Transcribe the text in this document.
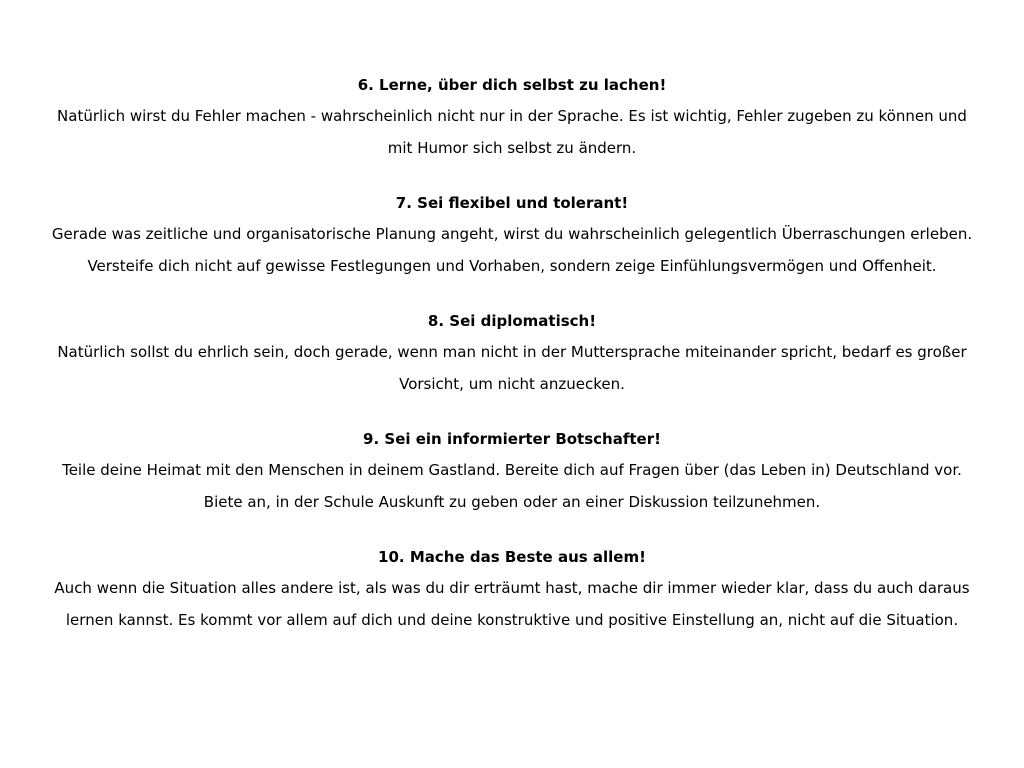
6. Lerne, über dich selbst zu lachen!
Natürlich wirst du Fehler machen - wahrscheinlich nicht nur in der Sprache. Es ist wichtig, Fehler zugeben zu können und
mit Humor sich selbst zu ändern.
7. Sei flexibel und tolerant!
Gerade was zeitliche und organisatorische Planung angeht, wirst du wahrscheinlich gelegentlich Überraschungen erleben.
Versteife dich nicht auf gewisse Festlegungen und Vorhaben, sondern zeige Einfühlungsvermögen und Offenheit.
8. Sei diplomatisch!
Natürlich sollst du ehrlich sein, doch gerade, wenn man nicht in der Muttersprache miteinander spricht, bedarf es großer
Vorsicht, um nicht anzuecken.
9. Sei ein informierter Botschafter!
Teile deine Heimat mit den Menschen in deinem Gastland. Bereite dich auf Fragen über (das Leben in) Deutschland vor.
Biete an, in der Schule Auskunft zu geben oder an einer Diskussion teilzunehmen.
10. Mache das Beste aus allem!
Auch wenn die Situation alles andere ist, als was du dir erträumt hast, mache dir immer wieder klar, dass du auch daraus
lernen kannst. Es kommt vor allem auf dich und deine konstruktive und positive Einstellung an, nicht auf die Situation.
